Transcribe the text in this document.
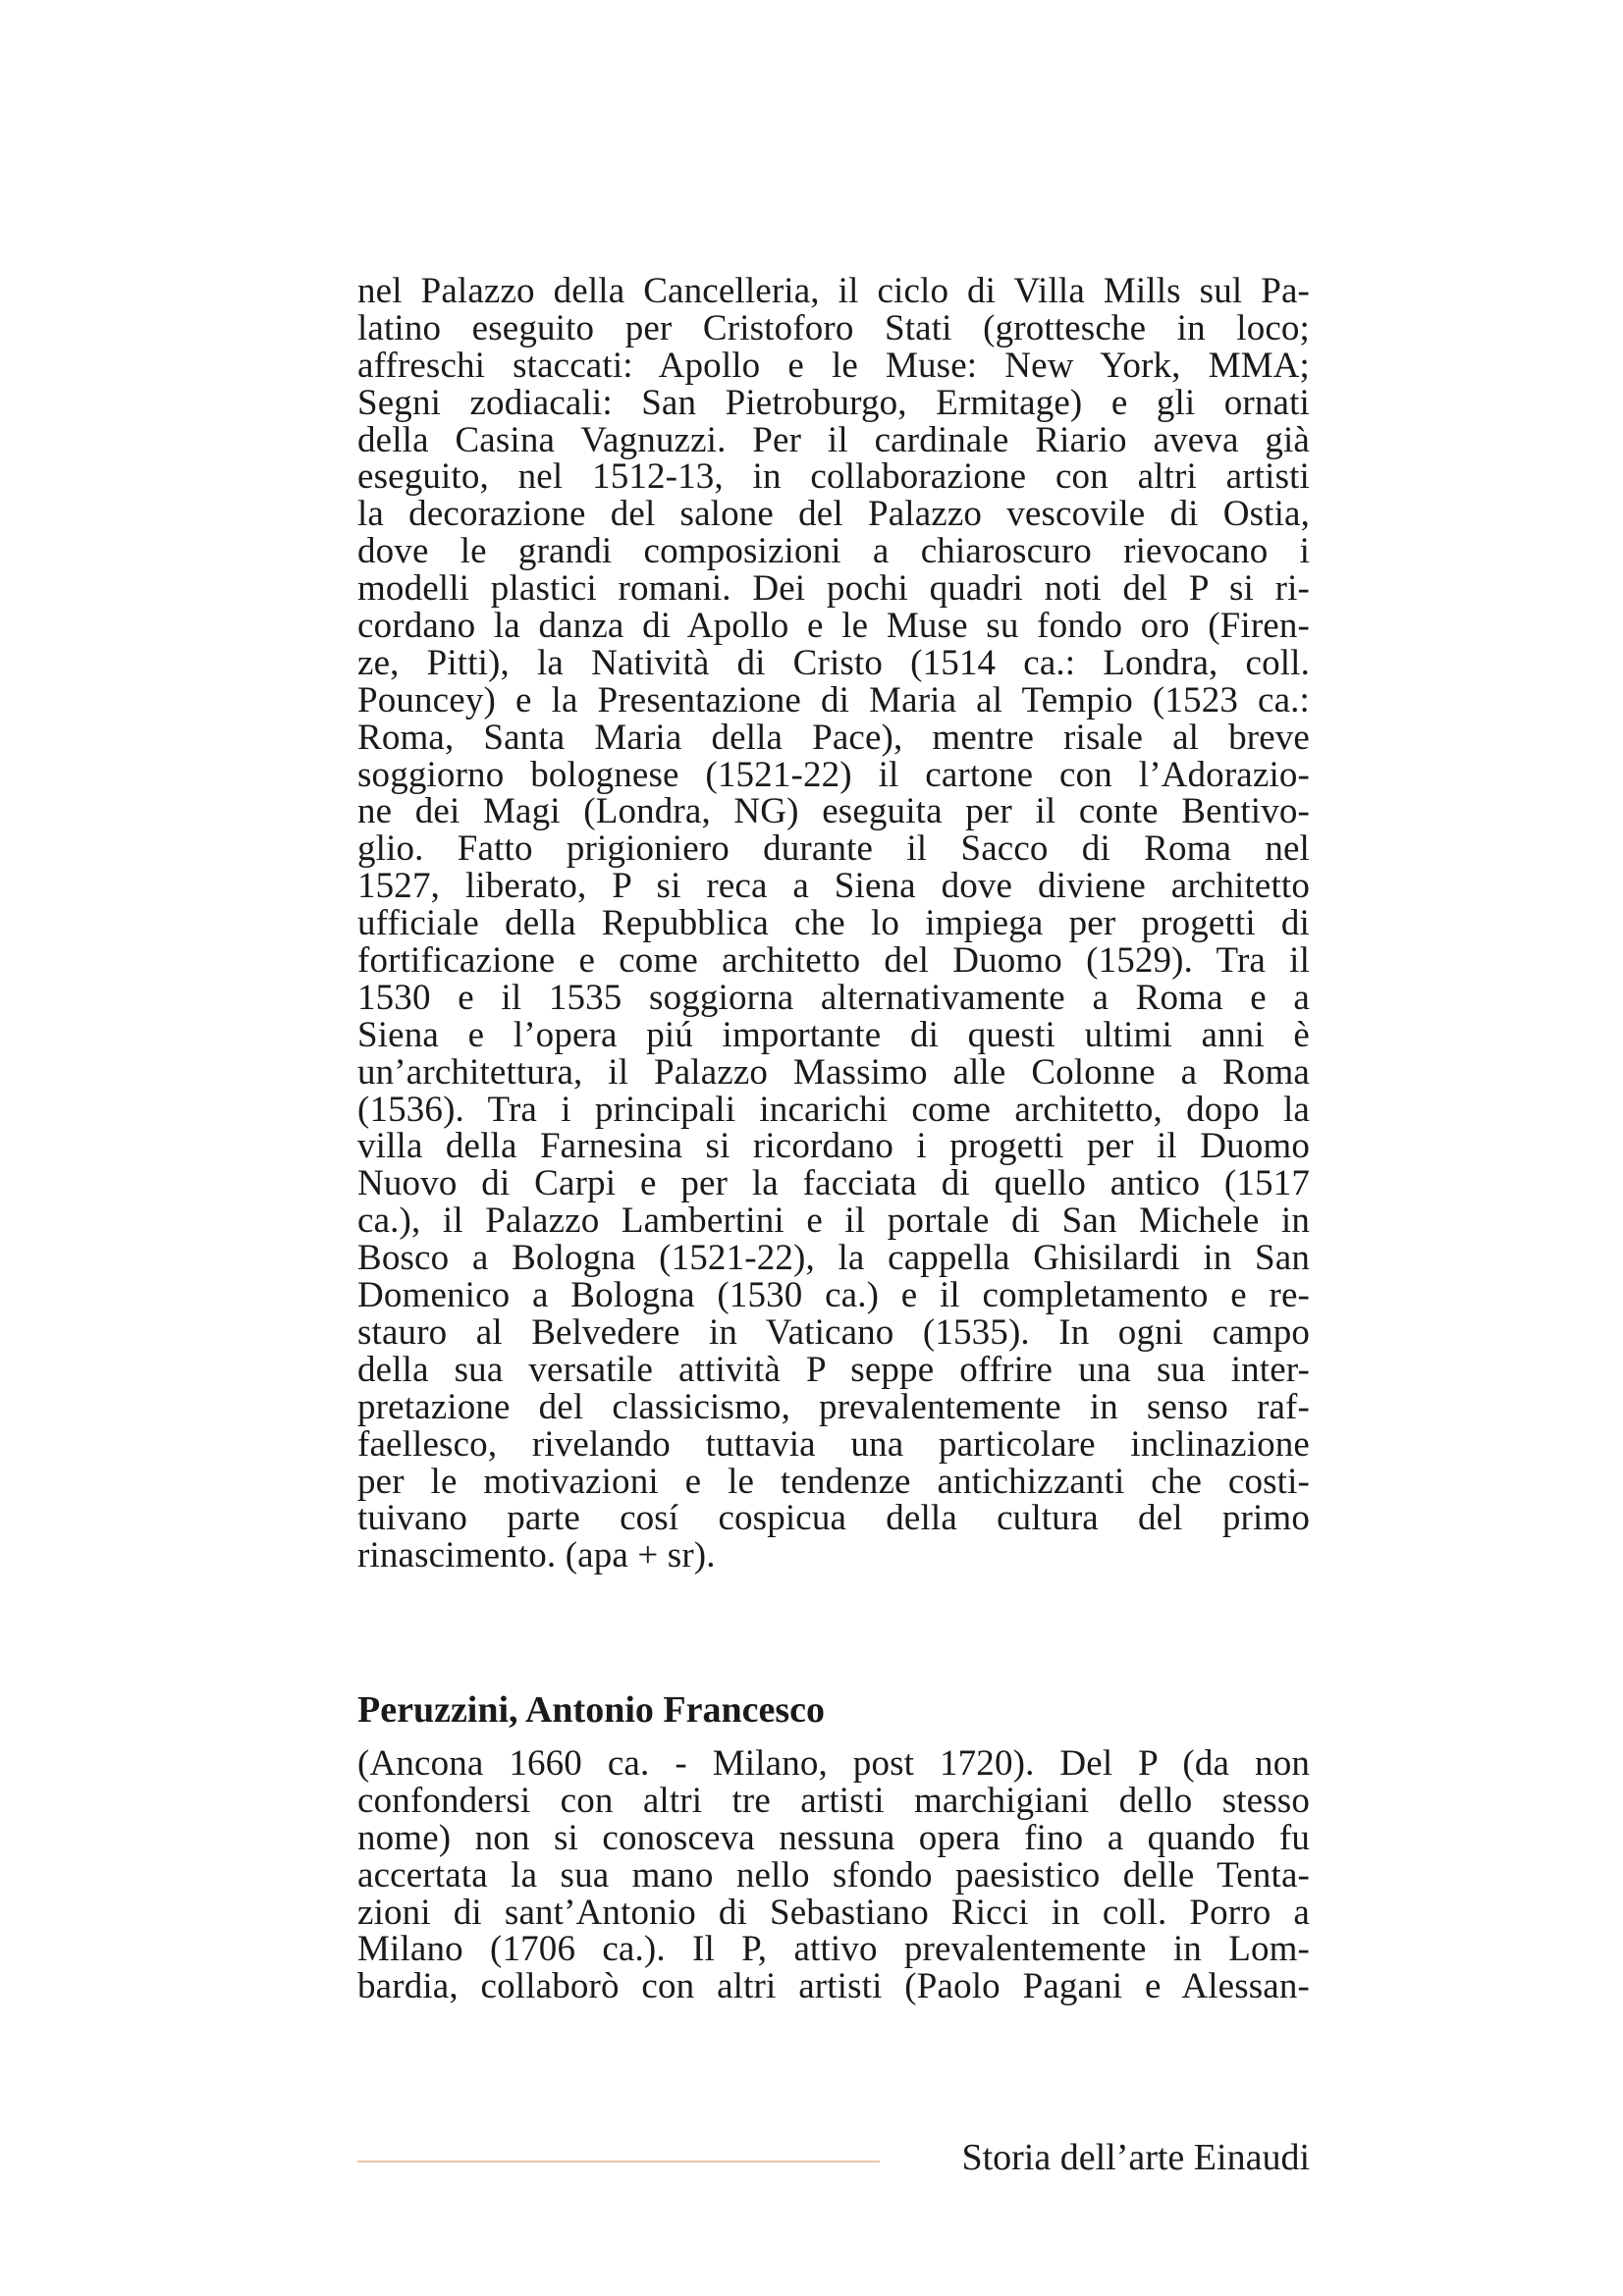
nel Palazzo della Cancelleria, il ciclo di Villa Mills sul Pa-
latino eseguito per Cristoforo Stati (grottesche in loco;
affreschi staccati: Apollo e le Muse: New York, MMA;
Segni zodiacali: San Pietroburgo, Ermitage) e gli ornati
della Casina Vagnuzzi. Per il cardinale Riario aveva già
eseguito, nel 1512-13, in collaborazione con altri artisti
la decorazione del salone del Palazzo vescovile di Ostia,
dove le grandi composizioni a chiaroscuro rievocano i
modelli plastici romani. Dei pochi quadri noti del P si ri-
cordano la danza di Apollo e le Muse su fondo oro (Firen-
ze, Pitti), la Natività di Cristo (1514 ca.: Londra, coll.
Pouncey) e la Presentazione di Maria al Tempio (1523 ca.:
Roma, Santa Maria della Pace), mentre risale al breve
soggiorno bolognese (1521-22) il cartone con l’Adorazio-
ne dei Magi (Londra, NG) eseguita per il conte Bentivo-
glio. Fatto prigioniero durante il Sacco di Roma nel
1527, liberato, P si reca a Siena dove diviene architetto
ufficiale della Repubblica che lo impiega per progetti di
fortificazione e come architetto del Duomo (1529). Tra il
1530 e il 1535 soggiorna alternativamente a Roma e a
Siena e l’opera piú importante di questi ultimi anni è
un’architettura, il Palazzo Massimo alle Colonne a Roma
(1536). Tra i principali incarichi come architetto, dopo la
villa della Farnesina si ricordano i progetti per il Duomo
Nuovo di Carpi e per la facciata di quello antico (1517
ca.), il Palazzo Lambertini e il portale di San Michele in
Bosco a Bologna (1521-22), la cappella Ghisilardi in San
Domenico a Bologna (1530 ca.) e il completamento e re-
stauro al Belvedere in Vaticano (1535). In ogni campo
della sua versatile attività P seppe offrire una sua inter-
pretazione del classicismo, prevalentemente in senso raf-
faellesco, rivelando tuttavia una particolare inclinazione
per le motivazioni e le tendenze antichizzanti che costi-
tuivano parte cosí cospicua della cultura del primo
rinascimento. (apa + sr).
Peruzzini, Antonio Francesco
(Ancona 1660 ca. - Milano, post 1720). Del P (da non
confondersi con altri tre artisti marchigiani dello stesso
nome) non si conosceva nessuna opera fino a quando fu
accertata la sua mano nello sfondo paesistico delle Tenta-
zioni di sant’Antonio di Sebastiano Ricci in coll. Porro a
Milano (1706 ca.). Il P, attivo prevalentemente in Lom-
bardia, collaborò con altri artisti (Paolo Pagani e Alessan-
Storia dell’arte Einaudi
